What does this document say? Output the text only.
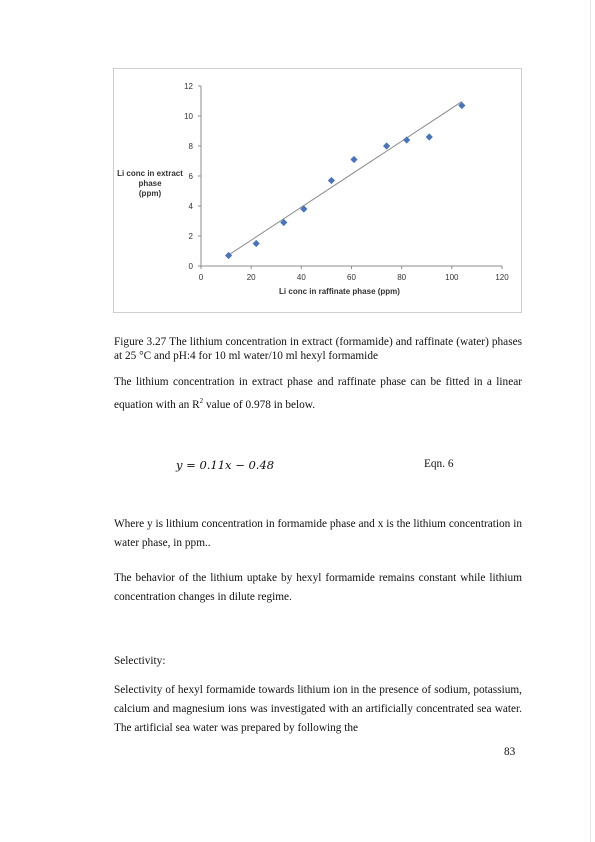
0
2
4
6
8
10
12
0	20	40	60	80	100	120
Li conc in raffinate phase (ppm)
Li conc in extract
phase
(ppm)
Figure 3.27 The lithium concentration in extract (formamide) and raffinate (water) phases at 25 °C and pH:4 for 10 ml water/10 ml hexyl formamide
The lithium concentration in extract phase and raffinate phase can be fitted in a linear equation with an $R^2$ value of 0.978 in below.
y = 0.11x − 0.48	Eqn. 6
Where y is lithium concentration in formamide phase and x is the lithium concentration in water phase, in ppm..
The behavior of the lithium uptake by hexyl formamide remains constant while lithium concentration changes in dilute regime.
Selectivity:
Selectivity of hexyl formamide towards lithium ion in the presence of sodium, potassium, calcium and magnesium ions was investigated with an artificially concentrated sea water. The artificial sea water was prepared by following the
83
